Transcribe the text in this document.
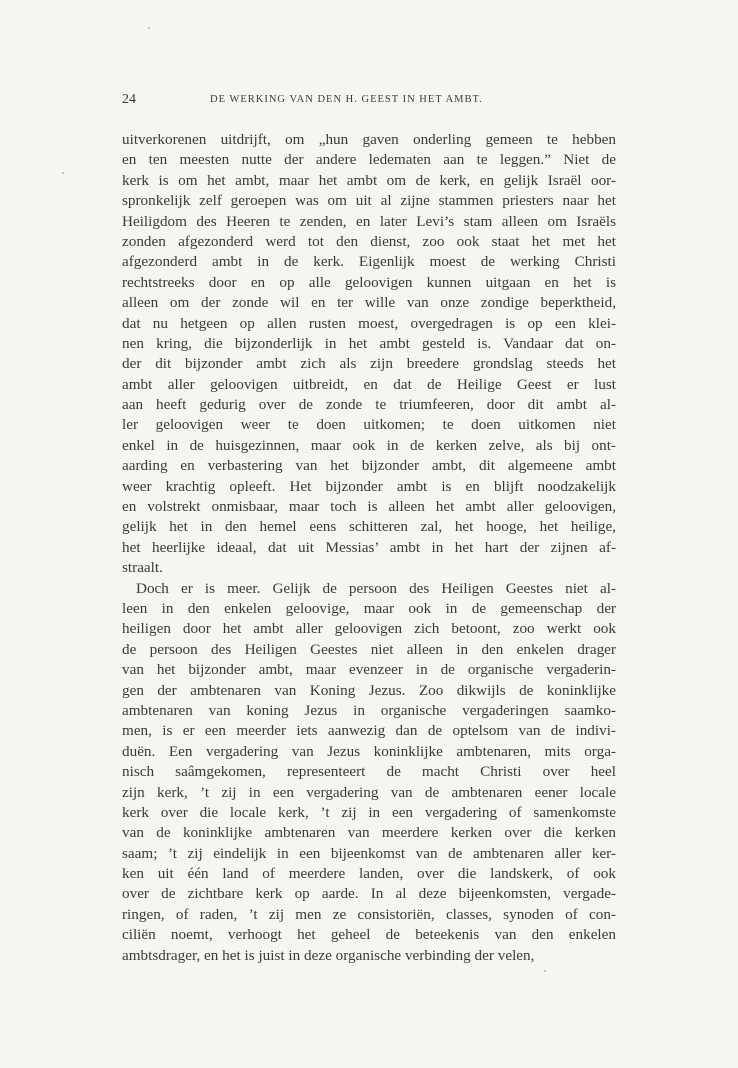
24	DE WERKING VAN DEN H. GEEST IN HET AMBT.
uitverkorenen uitdrijft, om „hun gaven onderling gemeen te hebben
en ten meesten nutte der andere ledematen aan te leggen.” Niet de
kerk is om het ambt, maar het ambt om de kerk, en gelijk Israël oor-
spronkelijk zelf geroepen was om uit al zijne stammen priesters naar het
Heiligdom des Heeren te zenden, en later Levi’s stam alleen om Israëls
zonden afgezonderd werd tot den dienst, zoo ook staat het met het
afgezonderd ambt in de kerk. Eigenlijk moest de werking Christi
rechtstreeks door en op alle geloovigen kunnen uitgaan en het is
alleen om der zonde wil en ter wille van onze zondige beperktheid,
dat nu hetgeen op allen rusten moest, overgedragen is op een klei-
nen kring, die bijzonderlijk in het ambt gesteld is. Vandaar dat on-
der dit bijzonder ambt zich als zijn breedere grondslag steeds het
ambt aller geloovigen uitbreidt, en dat de Heilige Geest er lust
aan heeft gedurig over de zonde te triumfeeren, door dit ambt al-
ler geloovigen weer te doen uitkomen; te doen uitkomen niet
enkel in de huisgezinnen, maar ook in de kerken zelve, als bij ont-
aarding en verbastering van het bijzonder ambt, dit algemeene ambt
weer krachtig opleeft. Het bijzonder ambt is en blijft noodzakelijk
en volstrekt onmisbaar, maar toch is alleen het ambt aller geloovigen,
gelijk het in den hemel eens schitteren zal, het hooge, het heilige,
het heerlijke ideaal, dat uit Messias’ ambt in het hart der zijnen af-
straalt.
Doch er is meer. Gelijk de persoon des Heiligen Geestes niet al-
leen in den enkelen geloovige, maar ook in de gemeenschap der
heiligen door het ambt aller geloovigen zich betoont, zoo werkt ook
de persoon des Heiligen Geestes niet alleen in den enkelen drager
van het bijzonder ambt, maar evenzeer in de organische vergaderin-
gen der ambtenaren van Koning Jezus. Zoo dikwijls de koninklijke
ambtenaren van koning Jezus in organische vergaderingen saamko-
men, is er een meerder iets aanwezig dan de optelsom van de indivi-
duën. Een vergadering van Jezus koninklijke ambtenaren, mits orga-
nisch saâmgekomen, representeert de macht Christi over heel
zijn kerk, ’t zij in een vergadering van de ambtenaren eener locale
kerk over die locale kerk, ’t zij in een vergadering of samenkomste
van de koninklijke ambtenaren van meerdere kerken over die kerken
saam; ’t zij eindelijk in een bijeenkomst van de ambtenaren aller ker-
ken uit één land of meerdere landen, over die landskerk, of ook
over de zichtbare kerk op aarde. In al deze bijeenkomsten, vergade-
ringen, of raden, ’t zij men ze consistoriën, classes, synoden of con-
ciliën noemt, verhoogt het geheel de beteekenis van den enkelen
ambtsdrager, en het is juist in deze organische verbinding der velen,
